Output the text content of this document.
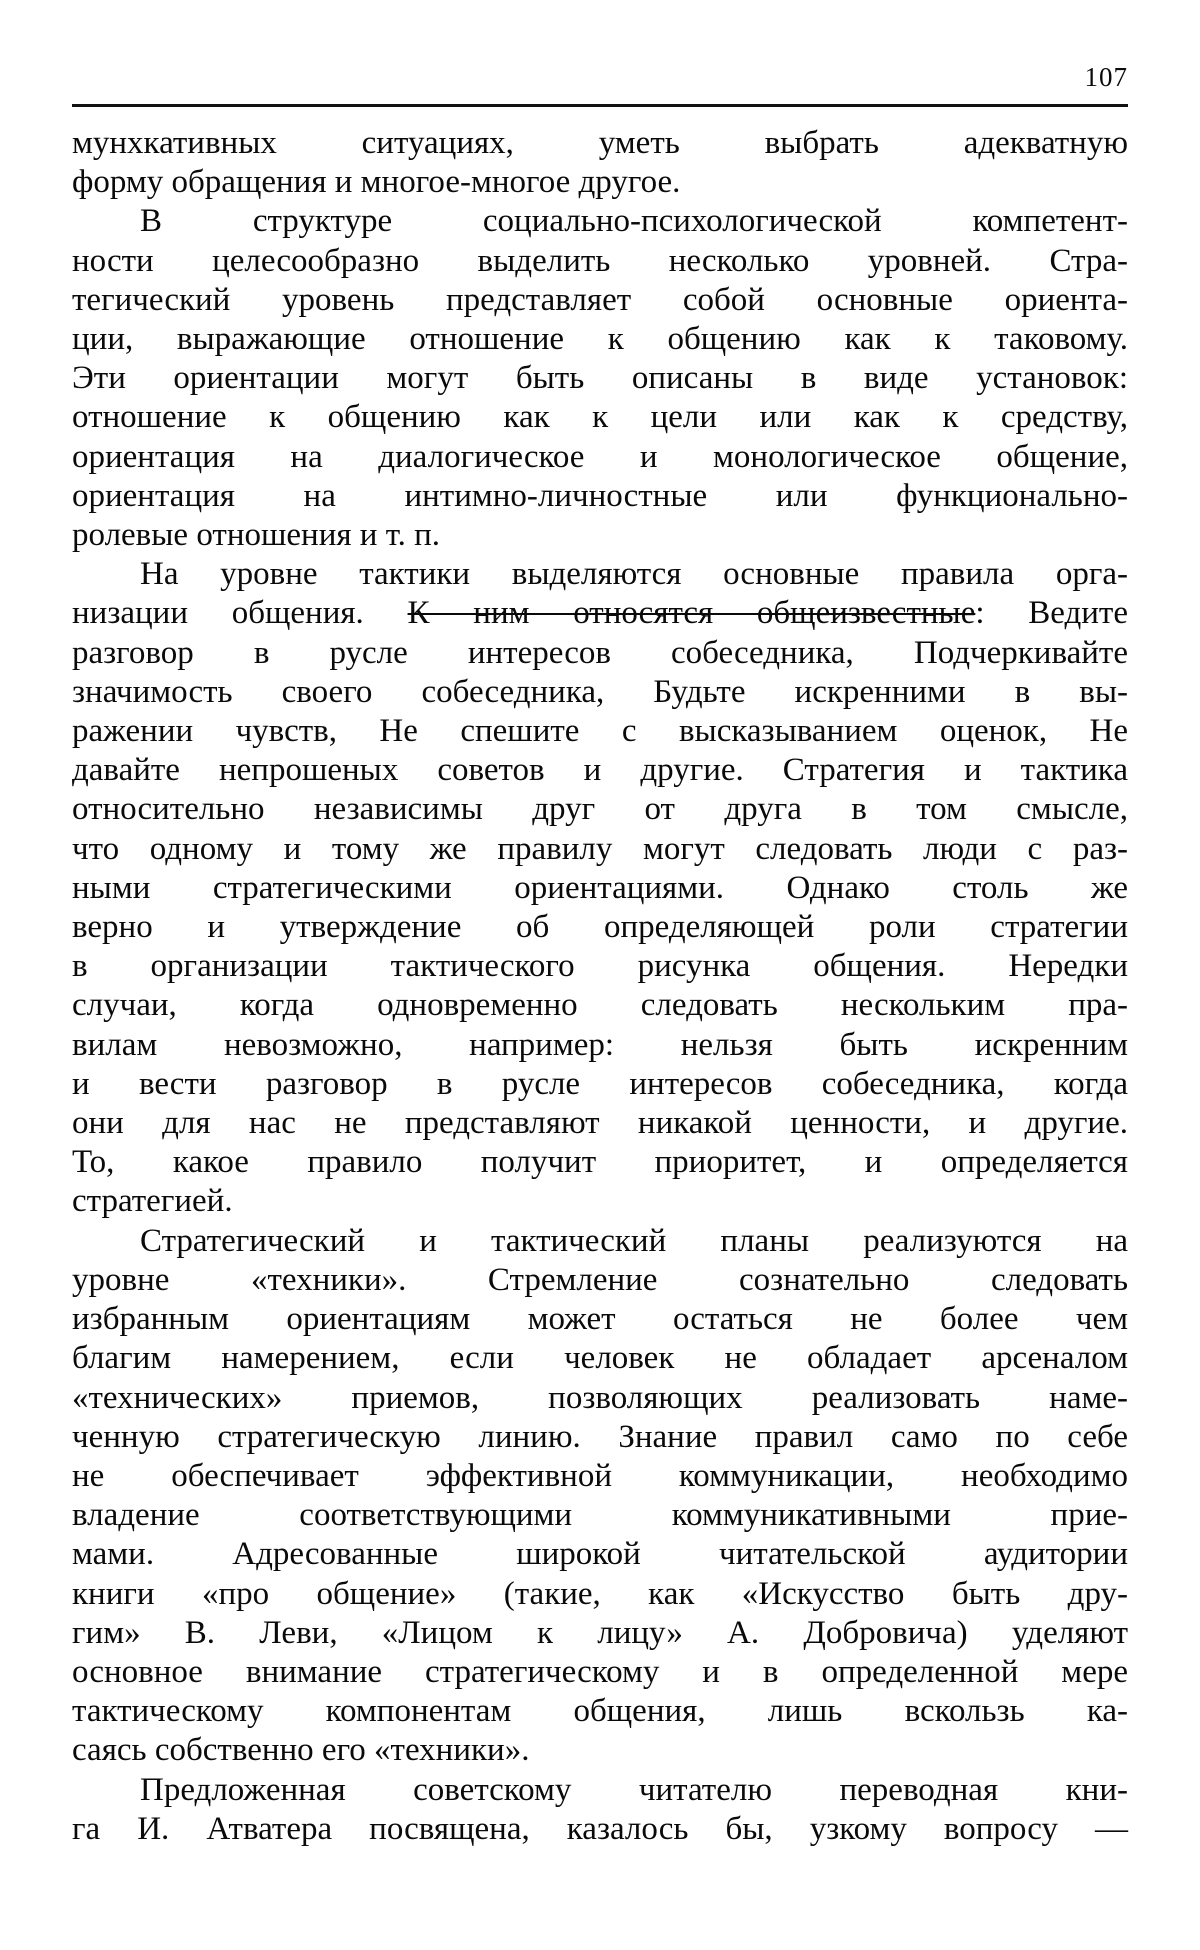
107

мунхкативных ситуациях, уметь выбрать адекватную
форму обращения и многое-многое другое.

В структуре социально-психологической компетент-
ности целесообразно выделить несколько уровней. Стра-
тегический уровень представляет собой основные ориента-
ции, выражающие отношение к общению как к таковому.
Эти ориентации могут быть описаны в виде установок:
отношение к общению как к цели или как к средству,
ориентация на диалогическое и монологическое общение,
ориентация на интимно-личностные или функционально-
ролевые отношения и т. п.

На уровне тактики выделяются основные правила орга-
низации общения. К ним относятся общеизвестные: Ведите
разговор в русле интересов собеседника, Подчеркивайте
значимость своего собеседника, Будьте искренними в вы-
ражении чувств, Не спешите с высказыванием оценок, Не
давайте непрошеных советов и другие. Стратегия и тактика
относительно независимы друг от друга в том смысле,
что одному и тому же правилу могут следовать люди с раз-
ными стратегическими ориентациями. Однако столь же
верно и утверждение об определяющей роли стратегии
в организации тактического рисунка общения. Нередки
случаи, когда одновременно следовать нескольким пра-
вилам невозможно, например: нельзя быть искренним
и вести разговор в русле интересов собеседника, когда
они для нас не представляют никакой ценности, и другие.
То, какое правило получит приоритет, и определяется
стратегией.

Стратегический и тактический планы реализуются на
уровне «техники». Стремление сознательно следовать
избранным ориентациям может остаться не более чем
благим намерением, если человек не обладает арсеналом
«технических» приемов, позволяющих реализовать наме-
ченную стратегическую линию. Знание правил само по себе
не обеспечивает эффективной коммуникации, необходимо
владение соответствующими коммуникативными прие-
мами. Адресованные широкой читательской аудитории
книги «про общение» (такие, как «Искусство быть дру-
гим» В. Леви, «Лицом к лицу» А. Добровича) уделяют
основное внимание стратегическому и в определенной мере
тактическому компонентам общения, лишь вскользь ка-
саясь собственно его «техники».

Предложенная советскому читателю переводная кни-
га И. Атватера посвящена, казалось бы, узкому вопросу —
